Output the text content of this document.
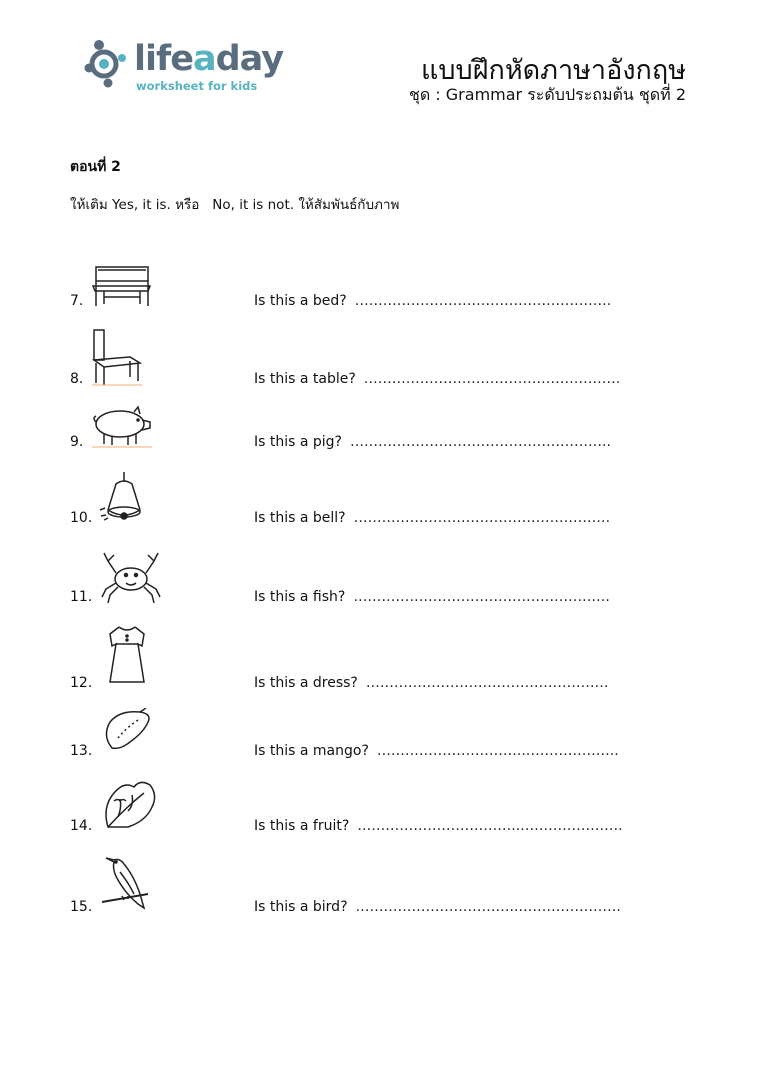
lifeaday
worksheet for kids	แบบฝึกหัดภาษาอังกฤษ
ชุด : Grammar ระดับประถมต้น ชุดที่ 2
ตอนที่ 2
ให้เติม Yes, it is. หรือ   No, it is not. ให้สัมพันธ์กับภาพ
7.	Is this a bed? ……………………………………………….
8.	Is this a table? ……………………………………………….
9.	Is this a pig? ………………………………………………..
10.	Is this a bell? ……………………………………………….
11.	Is this a fish? ……………………………………………….
12.	Is this a dress? …………………………………………….
13.	Is this a mango? …………………………..………………..
14.	Is this a fruit? ……………………………..………………….
15.	Is this a bird? ……………………………..………………….
